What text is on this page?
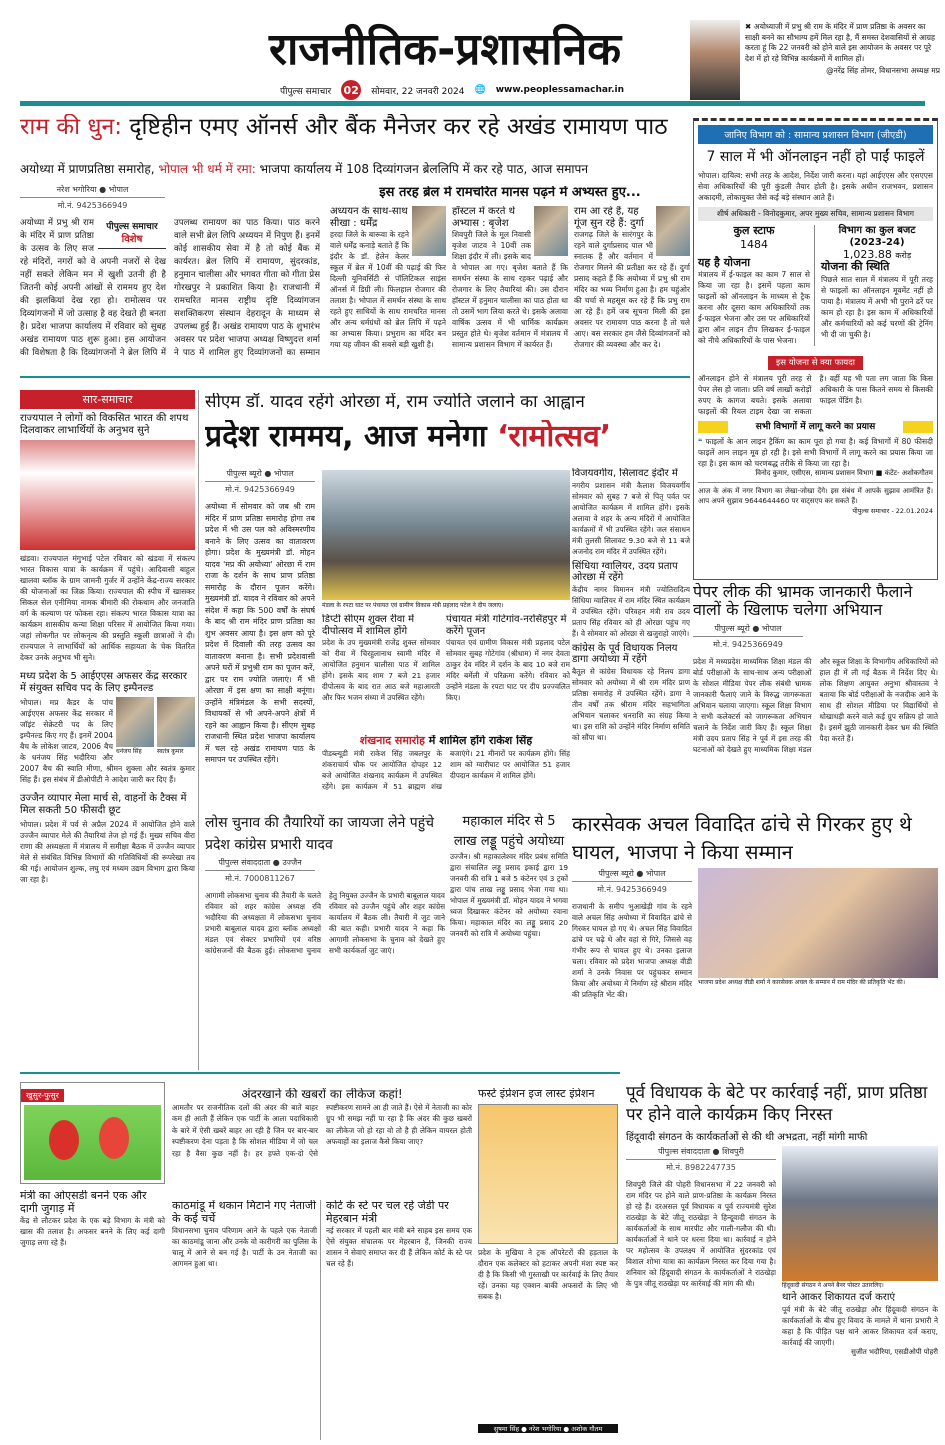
राजनीतिक-प्रशासनिक
पीपुल्स समाचार 02 सोमवार, 22 जनवरी 2024 🌐 www.peoplessamachar.in
✖ अयोध्याजी में प्रभु श्री राम के मंदिर में प्राण प्रतिष्ठा के अवसर का साक्षी बनने का सौभाग्य हमें मिल रहा है, मैं समस्त देशवासियों से आग्रह करता हूं कि 22 जनवरी को होने वाले इस आयोजन के अवसर पर पूरे देश में हो रहे विभिन्न कार्यक्रमों में शामिल हों।
@नरेंद्र सिंह तोमर, विधानसभा अध्यक्ष मप्र
राम की धुन: दृष्टिहीन एमए ऑनर्स और बैंक मैनेजर कर रहे अखंड रामायण पाठ
अयोध्या में प्राणप्रतिष्ठा समारोह, भोपाल भी धर्म में रमा: भाजपा कार्यालय में 108 दिव्यांगजन ब्रेललिपि में कर रहे पाठ, आज समापन
नरेश भगोरिया ● भोपाल
मो.नं. 9425366949
पीपुल्स समाचार
विशेष
अयोध्या में प्रभु श्री राम के मंदिर में प्राण प्रतिष्ठा के उत्सव के लिए सज रहे मंदिरों, नगरों को वे अपनी नजरों से देख नहीं सकते लेकिन मन में खुशी उतनी ही है जितनी कोई अपनी आंखों से राममय हुए देश की झलकियां देख रहा हो। रामोत्सव पर दिव्यांगजनों में जो उत्साह है वह देखते ही बनता है। प्रदेश भाजपा कार्यालय में रविवार को सुबह अखंड रामायण पाठ शुरू हुआ। इस आयोजन की विशेषता है कि दिव्यांगजनों ने ब्रेल लिपि में उपलब्ध रामायण का पाठ किया। पाठ करने वाले सभी ब्रेल लिपि अध्ययन में निपुण हैं। इनमें कोई शासकीय सेवा में है तो कोई बैंक में कार्यरत। ब्रेल लिपि में रामायण, सुंदरकांड, हनुमान चालीसा और भगवत गीता को गीता प्रेस गोरखपुर ने प्रकाशित किया है। राजधानी में रामचरित मानस राष्ट्रीय दृष्टि दिव्यांगजन सशक्तिकरण संस्थान देहरादून के माध्यम से उपलब्ध हुई हैं। अखंड रामायण पाठ के शुभारंभ अवसर पर प्रदेश भाजपा अध्यक्ष विष्णुदत्त शर्मा ने पाठ में शामिल हुए दिव्यांगजनों का सम्मान
इस तरह ब्रेल में रामचरित मानस पढ़ने में अभ्यस्त हुए...
अध्ययन के साथ-साथ सीखा : धर्मेंद्र
हरदा जिले के बारूवा के रहने वाले धर्मेंद्र कनाड़े बताते हैं कि इंदौर के डॉ. हेलेन केलर स्कूल में ब्रेल में 10वीं की पढ़ाई की फिर दिल्ली यूनिवर्सिटी से पॉलिटिकल साइंस ऑनर्स में डिग्री ली। फिलहाल रोजगार की तलाश है। भोपाल में समर्थन संस्था के साथ रहते हुए साथियों के साथ रामचरित मानस और अन्य धर्मग्रंथों को ब्रेल लिपि में पढ़ने का अभ्यास किया। प्रभुराम का मंदिर बन गया यह जीवन की सबसे बड़ी खुशी है।
हॉस्टल में करते थे अभ्यास : बृजेश
शिवपुरी जिले के मूल निवासी बृजेश जाटव ने 10वीं तक शिक्षा इंदौर में ली। इसके बाद वे भोपाल आ गए। बृजेश बताते हैं कि समर्थन संस्था के साथ रहकर पढ़ाई और रोजगार के लिए तैयारियां की। उस दौरान हॉस्टल में हनुमान चालीसा का पाठ होता था तो उसमें भाग लिया करते थे। इसके अलावा वार्षिक उत्सव में भी धार्मिक कार्यक्रम प्रस्तुत होते थे। बृजेश वर्तमान में मंत्रालय में सामान्य प्रशासन विभाग में कार्यरत हैं।
राम आ रहे हैं, यह गूंज सुन रहे हैं: दुर्गा
राजगढ़ जिले के सारंगपुर के रहने वाले दुर्गाप्रसाद पाल भी स्नातक हैं और वर्तमान में रोजगार मिलने की प्रतीक्षा कर रहे हैं। दुर्गा प्रसाद कहते हैं कि अयोध्या में प्रभु श्री राम मंदिर का भव्य निर्माण हुआ है। हम चहुंओर की चर्चा से महसूस कर रहे हैं कि प्रभु राम आ रहे हैं। हमें जब सूचना मिली की इस अवसर पर रामायण पाठ करना है तो चले आए। बस सरकार हम जैसे दिव्यांगजनों को रोजगार की व्यवस्था और कर दे।
जानिए विभाग को : सामान्य प्रशासन विभाग (जीएडी)
7 साल में भी ऑनलाइन नहीं हो पाईं फाइलें
भोपाल। दायित्व: सभी तरह के आदेश, निर्देश जारी करना। यहां आईएएस और एसएएस सेवा अधिकारियों की पूरी कुंडली तैयार होती है। इसके अधीन राजभवन, प्रशासन अकादमी, लोकायुक्त जैसे कई बड़े संस्थान आते हैं।
शीर्ष अधिकारी - विनोदकुमार, अपर मुख्य सचिव, सामान्य प्रशासन विभाग
कुल स्टाफ
1484
यह है योजना
मंत्रालय में ई-फाइल का काम 7 साल से किया जा रहा है। इसमें पहला काम फाइलों को ऑनलाइन के माध्यम से ट्रैक करना और दूसरा काम अधिकारियों तक ई-फाइल भेजना और उस पर अधिकारियों द्वारा ऑन लाइन टीप लिखकर ई-फाइल को नीचे अधिकारियों के पास भेजना।
विभाग का कुल बजट
(2023-24)
1,023.88 करोड़
योजना की स्थिति
पिछले सात साल में मंत्रालय में पूरी तरह से फाइलों का ऑनलाइन मूवमेंट नहीं हो पाया है। मंत्रालय में अभी भी पुराने ढर्रे पर काम हो रहा है। इस काम में अधिकारियों और कर्मचारियों को कई चरणों की ट्रेनिंग भी दी जा चुकी है।
इस योजना से क्या फायदा
ऑनलाइन होने से मंत्रालय पूरी तरह से पेपर लेस हो जाता। प्रति वर्ष लाखों करोड़ों रुपए के कागज बचते। इसके अलावा फाइलों की रियल टाइम देखा जा सकता है। वहीं यह भी पता लग जाता कि किस अधिकारी के पास कितने समय से किसकी फाइल पेंडिंग है।
सभी विभागों में लागू करने का प्रयास
❝ फाइलों के आन लाइन ट्रैकिंग का काम पूरा हो गया है। कई विभागों में 80 फीसदी फाइलें आन लाइन मूव हो रही है। इसे सभी विभागों में लागू करने का प्रयास किया जा रहा है। इस काम को चरणबद्ध तरीके से किया जा रहा है।
विनोद कुमार, एसीएस, सामान्य प्रशासन विभाग ■ कंटेंट- अशोकगौतम
आज के अंक में नगर विभाग का लेखा-जोखा देंगे। इस संबंध में आपके सुझाव आमंत्रित हैं। आप अपने सुझाव 9644644460 पर वाट्सएप कर सकते हैं।
पीपुल्स समाचार - 22.01.2024
सार-समाचार
राज्यपाल ने लोगों को विकसित भारत की शपथ दिलवाकर लाभार्थियों के अनुभव सुने
खंडवा। राज्यपाल मंगुभाई पटेल रविवार को खंडवा में संकल्प भारत विकास यात्रा के कार्यक्रम में पहुंचे। आदिवासी बाहुल खालवा ब्लॉक के ग्राम जामनी गुर्जर में उन्होंने केंद्र-राज्य सरकार की योजनाओं का जिक्र किया। राज्यपाल की स्पीच में खासकर सिकल सेल एनीमिया नामक बीमारी की रोकथाम और जनजाति वर्ग के कल्याण पर फोकस रहा। संकल्प भारत विकास यात्रा का कार्यक्रम शासकीय कन्या शिक्षा परिसर में आयोजित किया गया। जहां लोकगीत पर लोकनृत्य की प्रस्तुति स्कूली छात्राओं ने दी। राज्यपाल ने लाभार्थियों को आर्थिक सहायता के चेक वितरित देकर उनके अनुभव भी सुने।
मध्य प्रदेश के 5 आईएएस अफसर केंद्र सरकार में संयुक्त सचिव पद के लिए इम्पैनल्ड
धनंजय सिंह	स्वतंत्र कुमार
भोपाल। मप्र कैडर के पांच आईएएस अफसर केंद्र सरकार में जॉइंट सेक्रेटरी पद के लिए इम्पैनल्ड किए गए हैं। इनमें 2004 बैच के लोकेश जाटव, 2006 बैच के धनंजय सिंह भदौरिया और 2007 बैच की स्वाति मीणा, श्रीमन शुक्ला और स्वतंत्र कुमार सिंह हैं। इस संबंध में डीओपीटी ने आदेश जारी कर दिए हैं।
उज्जैन व्यापार मेला मार्च से, वाहनों के टैक्स में मिल सकती 50 फीसदी छूट
भोपाल। प्रदेश में पर्व से अप्रैल 2024 में आयोजित होने वाले उज्जैन व्यापार मेले की तैयारियां तेज हो गई हैं। मुख्य सचिव वीरा राणा की अध्यक्षता में मंत्रालय में समीक्षा बैठक में उज्जैन व्यापार मेले से संबंधित विभिन्न विभागों की गतिविधियों की रूपरेखा तय की गई। आयोजन शुल्क, लघु एवं मध्यम उद्यम विभाग द्वारा किया जा रहा है।
सीएम डॉ. यादव रहेंगे ओरछा में, राम ज्योति जलाने का आह्वान
प्रदेश राममय, आज मनेगा ‘रामोत्सव’
पीपुल्स ब्यूरो ● भोपाल
मो.नं. 9425366949
अयोध्या में सोमवार को जब श्री राम मंदिर में प्राण प्रतिष्ठा समारोह होगा तब प्रदेश में भी उस पल को अविस्मरणीय बनाने के लिए उत्सव का वातावरण होगा। प्रदेश के मुख्यमंत्री डॉ. मोहन यादव 'मप्र की अयोध्या' ओरछा में राम राजा के दर्शन के साथ प्राण प्रतिष्ठा समारोह के दौरान पूजन करेंगे। मुख्यमंत्री डॉ. यादव ने रविवार को अपने संदेश में कहा कि 500 वर्षों के संघर्ष के बाद श्री राम मंदिर प्राण प्रतिष्ठा का शुभ अवसर आया है। इस क्षण को पूरे प्रदेश में दिवाली की तरह उत्सव का वातावरण बनाना है। सभी प्रदेशवासी अपने घरों में प्रभुश्री राम का पूजन करें, द्वार पर राम ज्योति जलाएं। मैं भी ओरछा में इस क्षण का साक्षी बनूंगा। उन्होंने मंत्रिमंडल के सभी सदस्यों, विधायकों से भी अपने-अपने क्षेत्रों में रहने का आह्वान किया है। सीएम सुबह राजधानी स्थित प्रदेश भाजपा कार्यालय में चल रहे अखंड रामायण पाठ के समापन पर उपस्थित रहेंगे।
मंडला के रपटा घाट पर पंचायत एवं ग्रामीण विकास मंत्री प्रहलाद पटेल ने दीप जलाए।
डिप्टी सीएम शुक्ल रीवा में दीपोत्सव में शामिल होंगे
प्रदेश के उप मुख्यमंत्री राजेंद्र शुक्ल सोमवार को रीवा में चिरहुलानाथ स्वामी मंदिर में आयोजित हनुमान चालीसा पाठ में शामिल होंगे। इसके बाद शाम 7 बजे 21 हजार दीपोत्सव के बाद रात आठ बजे महाआरती और फिर भजन संध्या में उपस्थित रहेंगे।
पंचायत मंत्री गोटेगांव-नरसिंहपुर में करेंगे पूजन
पंचायत एवं ग्रामीण विकास मंत्री प्रहलाद पटेल सोमवार सुबह गोटेगांव (श्रीधाम) में नगर देवता ठाकुर देव मंदिर में दर्शन के बाद 10 बजे राम मंदिर बर्मेली में परिक्रमा करेंगे। रविवार को उन्होंने मंडला के रपटा घाट पर दीप प्रज्ज्वलित किए।
शंखनाद समारोह में शामिल होंगे राकेश सिंह
पीडब्ल्यूडी मंत्री राकेश सिंह जबलपुर के शंकराचार्य चौक पर आयोजित दोपहर 12 बजे आयोजित शंखनाद कार्यक्रम में उपस्थित रहेंगे। इस कार्यक्रम में 51 ब्राह्मण शंख बजाएंगे। 21 मीनारों पर कार्यक्रम होंगे। सिंह शाम को ग्वारीघाट पर आयोजित 51 हजार दीपदान कार्यक्रम में शामिल होंगे।
विजयवर्गीय, सिलावट इंदौर में
नगरीय प्रशासन मंत्री कैलाश विजयवर्गीय सोमवार को सुबह 7 बजे से पितृ पर्वत पर आयोजित कार्यक्रम में शामिल होंगे। इसके अलावा वे शहर के अन्य मंदिरों में आयोजित कार्यक्रमों में भी उपस्थित रहेंगे। जल संसाधन मंत्री तुलसी सिलावट 9.30 बजे से 11 बजे अजनोद राम मंदिर में उपस्थित रहेंगे।
सिंधिया ग्वालियर, उदय प्रताप ओरछा में रहेंगे
केंद्रीय नागर विमानन मंत्री ज्योतिरादित्य सिंधिया ग्वालियर में राम मंदिर स्थित कार्यक्रम में उपस्थित रहेंगे। परिवहन मंत्री राव उदय प्रताप सिंह रविवार को ही ओरछा पहुंच गए हैं। वे सोमवार को ओरछा से खजुराहो जाएंगे।
कांग्रेस के पूर्व विधायक निलय डागा अयोध्या में रहेंगे
बैतूल से कांग्रेस विधायक रहे निलय डागा सोमवार को अयोध्या में श्री राम मंदिर प्राण प्रतिष्ठा समारोह में उपस्थित रहेंगे। डागा ने तीन वर्षों तक श्रीराम मंदिर सहभागिता अभियान चलाकर धनराशि का संग्रह किया था। इस राशि को उन्होंने मंदिर निर्माण समिति को सौंपा था।
पेपर लीक की भ्रामक जानकारी फैलाने वालों के खिलाफ चलेगा अभियान
पीपुल्स ब्यूरो ● भोपाल
मो.नं. 9425366949
प्रदेश में मध्यप्रदेश माध्यमिक शिक्षा मंडल की बोर्ड परीक्षाओं के साथ-साथ अन्य परीक्षाओं के सोशल मीडिया पेपर लीक संबंधी भ्रामक जानकारी फैलाएं जाने के विरुद्ध जागरूकता अभियान चलाया जाएगा। स्कूल शिक्षा विभाग ने सभी कलेक्टर्स को जागरूकता अभियान चलाने के निर्देश जारी किए हैं। स्कूल शिक्षा मंत्री उदय प्रताप सिंह ने पूर्व में इस तरह की घटनाओं को देखते हुए माध्यमिक शिक्षा मंडल और स्कूल शिक्षा के विभागीय अधिकारियों को हाल ही में ली गई बैठक में निर्देश दिए थे। लोक शिक्षण आयुक्त अनुभा श्रीवास्तव ने बताया कि बोर्ड परीक्षाओं के नजदीक आने के साथ ही सोशल मीडिया पर विद्यार्थियों से धोखाधड़ी करने वाले कई ग्रुप सक्रिय हो जाते हैं। इसमें झूठी जानकारी देकर भ्रम की स्थिति पैदा करते हैं।
लोस चुनाव की तैयारियों का जायजा लेने पहुंचे प्रदेश कांग्रेस प्रभारी यादव
पीपुल्स संवाददाता ● उज्जैन
मो.नं. 7000811267
आगामी लोकसभा चुनाव की तैयारी के चलते रविवार को शहर कांग्रेस अध्यक्ष रवि भदौरिया की अध्यक्षता में लोकसभा चुनाव प्रभारी बाबूलाल यादव द्वारा ब्लॉक अध्यक्षों मंडल एवं सेक्टर प्रभारियों एवं वरिष्ठ कांग्रेसजनों की बैठक हुई। लोकसभा चुनाव हेतु नियुक्त उज्जैन के प्रभारी बाबूलाल यादव रविवार को उज्जैन पहुंचे और शहर कांग्रेस कार्यालय में बैठक ली। तैयारी में जुट जाने की बात कही। प्रभारी यादव ने कहा कि आगामी लोकसभा के चुनाव को देखते हुए सभी कार्यकर्ता जुट जाएं।
महाकाल मंदिर से 5 लाख लड्डू पहुंचे अयोध्या
उज्जैन। श्री महाकालेश्वर मंदिर प्रबंध समिति द्वारा संचालित लड्डू प्रसाद इकाई द्वारा 19 जनवरी की रात्रि 1 बजे 5 कंटेनर एवं 3 ट्रकों द्वारा पांच लाख लड्डू प्रसाद भेजा गया था। भोपाल में मुख्यमंत्री डॉ. मोहन यादव ने भगवा ध्वज दिखाकर कंटेनर को अयोध्या रवाना किया। महाकाल मंदिर का लड्डू प्रसाद 20 जनवरी को रात्रि में अयोध्या पहुंचा।
कारसेवक अचल विवादित ढांचे से गिरकर हुए थे घायल, भाजपा ने किया सम्मान
पीपुल्स ब्यूरो ● भोपाल
मो.नं. 9425366949
राजधानी के समीप भुआखेड़ी गांव के रहने वाले अचल सिंह अयोध्या में विवादित ढांचे से गिरकर घायल हो गए थे। अचल सिंह विवादित ढांचे पर चढ़े थे और वहां से गिरे, जिससे वह गंभीर रूप से घायल हुए थे। उनका इलाज चला। रविवार को प्रदेश भाजपा अध्यक्ष वीडी शर्मा ने उनके निवास पर पहुंचकर सम्मान किया और अयोध्या में निर्माण रहे श्रीराम मंदिर की प्रतिकृति भेंट की।
भाजपा प्रदेश अध्यक्ष वीडी शर्मा ने कारसेवक अचल के सम्मान में राम मंदिर की प्रतिकृति भेंट की।
खुसुर-फुसुर
मंत्री का ओएसडी बनने एक और दागी जुगाड़ में
केंद्र से लौटकर प्रदेश के एक बड़े विभाग के मंत्री को खास की तलाश है। अफसर बनने के लिए कई दागी जुगाड़ लगा रहे हैं।
अंदरखाने की खबरों का लीकेज कहां!
आमतौर पर राजनीतिक दलों की अंदर की बातें बाहर कम ही आती हैं लेकिन एक पार्टी के आला पदाधिकारी के बारे में ऐसी खबरें बाहर आ रही है जिन पर बार-बार स्पष्टीकरण देना पड़ता है कि सोशल मीडिया में जो चल रहा है वैसा कुछ नहीं है। हर हफ्ते एक-दो ऐसे स्पष्टीकरण सामने आ ही जाते हैं। ऐसे में नेताजी का कोर ग्रुप भी समझ नहीं पा रहा है कि अंदर की कुछ खबरों का लीकेज जो हो रहा वो तो है ही लेकिन वायरल होती अफवाहों का इलाज कैसे किया जाए?
काठमांडू में थकान मिटाने गए नेताजी के कई चर्चे
विधानसभा चुनाव परिणाम आने के पहले एक नेताजी का काठमांडू जाना और उनके वो कारीगरी का पुलिस के चालू में आने से बन गई है। पार्टी के उन नेताजी का आगमन हुआ था।
कोर्ट के स्टे पर चल रहे जेडी पर मेहरबान मंत्री
नई सरकार में पहली बार मंत्री बने साहब इस समय एक ऐसे संयुक्त संचालक पर मेहरबान हैं, जिनकी राज्य शासन ने सेवाएं समाप्त कर दी हैं लेकिन कोर्ट के स्टे पर चल रहे हैं।
फर्स्ट इंप्रेशन इज लास्ट इंप्रेशन
प्रदेश के मुखिया ने ट्रक ऑपरेटरों की हड़ताल के दौरान एक कलेक्टर को हटाकर अपनी मंशा स्पष्ट कर दी है कि किसी भी गुस्ताखी पर कार्रवाई के लिए तैयार रहें। उनका यह एक्शन बाकी अफसरों के लिए भी सबक है।
सुषमा सिंह ● नरेश भगोरिया ● अशोक गौतम
पूर्व विधायक के बेटे पर कार्रवाई नहीं, प्राण प्रतिष्ठा पर होने वाले कार्यक्रम किए निरस्त
हिंदूवादी संगठन के कार्यकर्ताओं से की थी अभद्रता, नहीं मांगी माफी
पीपुल्स संवाददाता ● शिवपुरी
मो.नं. 8982247735
शिवपुरी जिले की पोहरी विधानसभा में 22 जनवरी को राम मंदिर पर होने वाले प्राण-प्रतिष्ठा के कार्यक्रम निरस्त हो रहे हैं। दरअसल पूर्व विधायक व पूर्व राज्यमंत्री सुरेश राठखेड़ा के बेटे जीतू राठखेड़ा ने हिन्दूवादी संगठन के कार्यकर्ताओं के साथ मारपीट और गाली-गलौज की थी। कार्यकर्ताओं ने थाने पर धरना दिया था। कार्रवाई न होने पर महोत्सव के उपलक्ष्य में आयोजित सुंदरकांड एवं विशाल शोभा यात्रा का कार्यक्रम निरस्त कर दिया गया है। शनिवार को हिंदूवादी संगठन के कार्यकर्ताओं ने राठखेड़ा के पुत्र जीतू राठखेड़ा पर कार्रवाई की मांग की थी।	हिंदूवादी संगठन ने अपने बैनर पोस्टर उतारलिए।
थाने आकर शिकायत दर्ज कराएं
पूर्व मंत्री के बेटे जीतू राठखेड़ा और हिंदूवादी संगठन के कार्यकर्ताओं के बीच हुए विवाद के मामले में थाना प्रभारी ने कहा है कि पीड़ित पक्ष थाने आकर शिकायत दर्ज कराए, कार्रवाई की जाएगी।
सुजीत भदौरिया, एसडीओपी पोहरी
